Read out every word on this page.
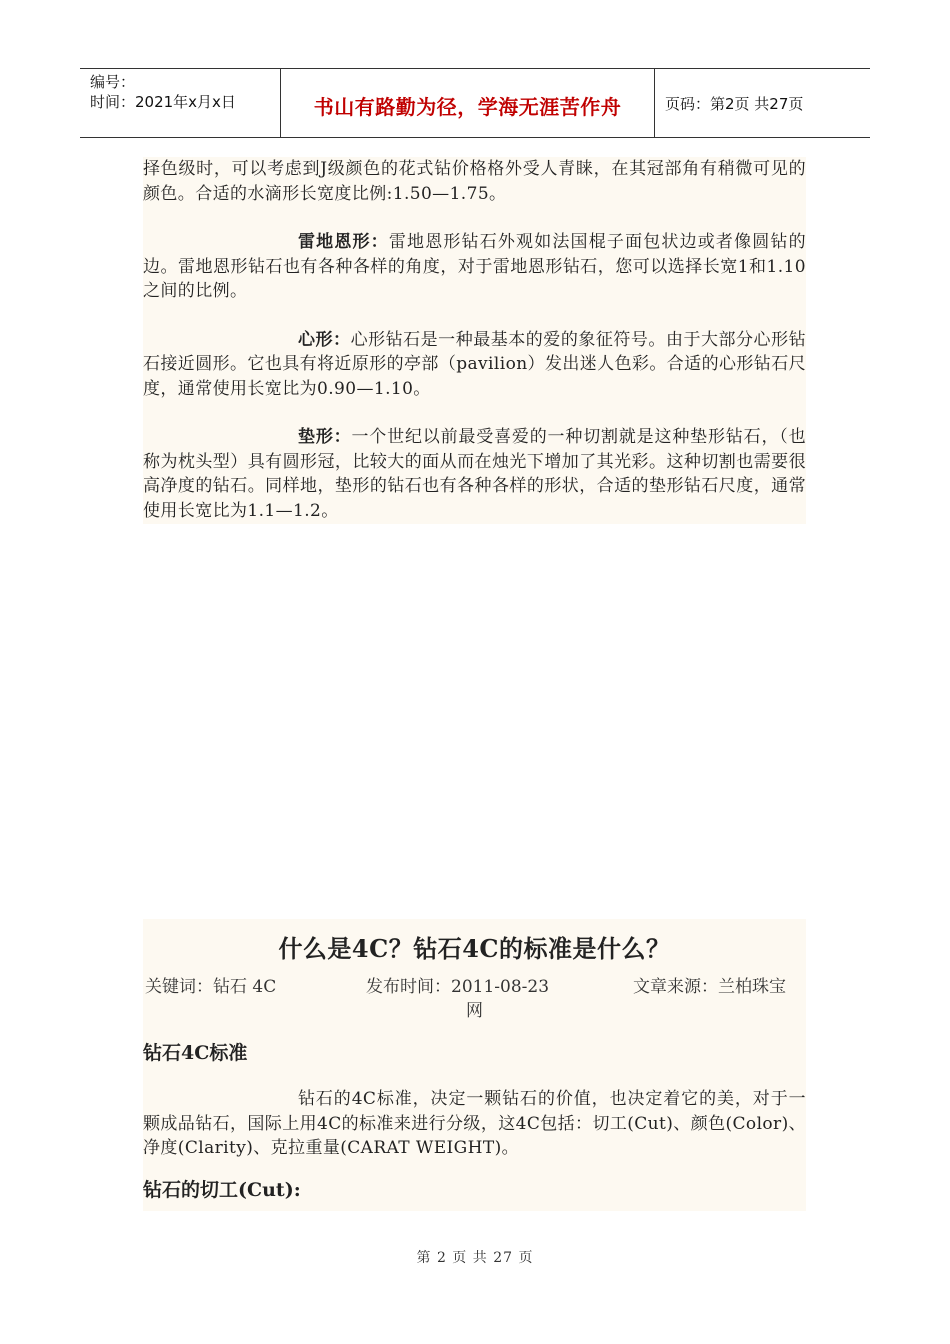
编号：
时间：2021年x月x日	书山有路勤为径，学海无涯苦作舟	页码：第2页 共27页

择色级时，可以考虑到J级颜色的花式钻价格格外受人青睐，在其冠部角有稍微可见的颜色。合适的水滴形长宽度比例:1.50—1.75。

雷地恩形：雷地恩形钻石外观如法国棍子面包状边或者像圆钻的边。雷地恩形钻石也有各种各样的角度，对于雷地恩形钻石，您可以选择长宽1和1.10之间的比例。

心形：心形钻石是一种最基本的爱的象征符号。由于大部分心形钻石接近圆形。它也具有将近原形的亭部（pavilion）发出迷人色彩。合适的心形钻石尺度，通常使用长宽比为0.90—1.10。

垫形：一个世纪以前最受喜爱的一种切割就是这种垫形钻石，（也称为枕头型）具有圆形冠，比较大的面从而在烛光下增加了其光彩。这种切割也需要很高净度的钻石。同样地，垫形的钻石也有各种各样的形状，合适的垫形钻石尺度，通常使用长宽比为1.1—1.2。

什么是4C？钻石4C的标准是什么？

关键词：钻石 4C	发布时间：2011-08-23	文章来源：兰柏珠宝
网

钻石4C标准

钻石的4C标准，决定一颗钻石的价值，也决定着它的美，对于一颗成品钻石，国际上用4C的标准来进行分级，这4C包括：切工(Cut)、颜色(Color)、净度(Clarity)、克拉重量(CARAT WEIGHT)。

钻石的切工(Cut):

第 2 页 共 27 页
